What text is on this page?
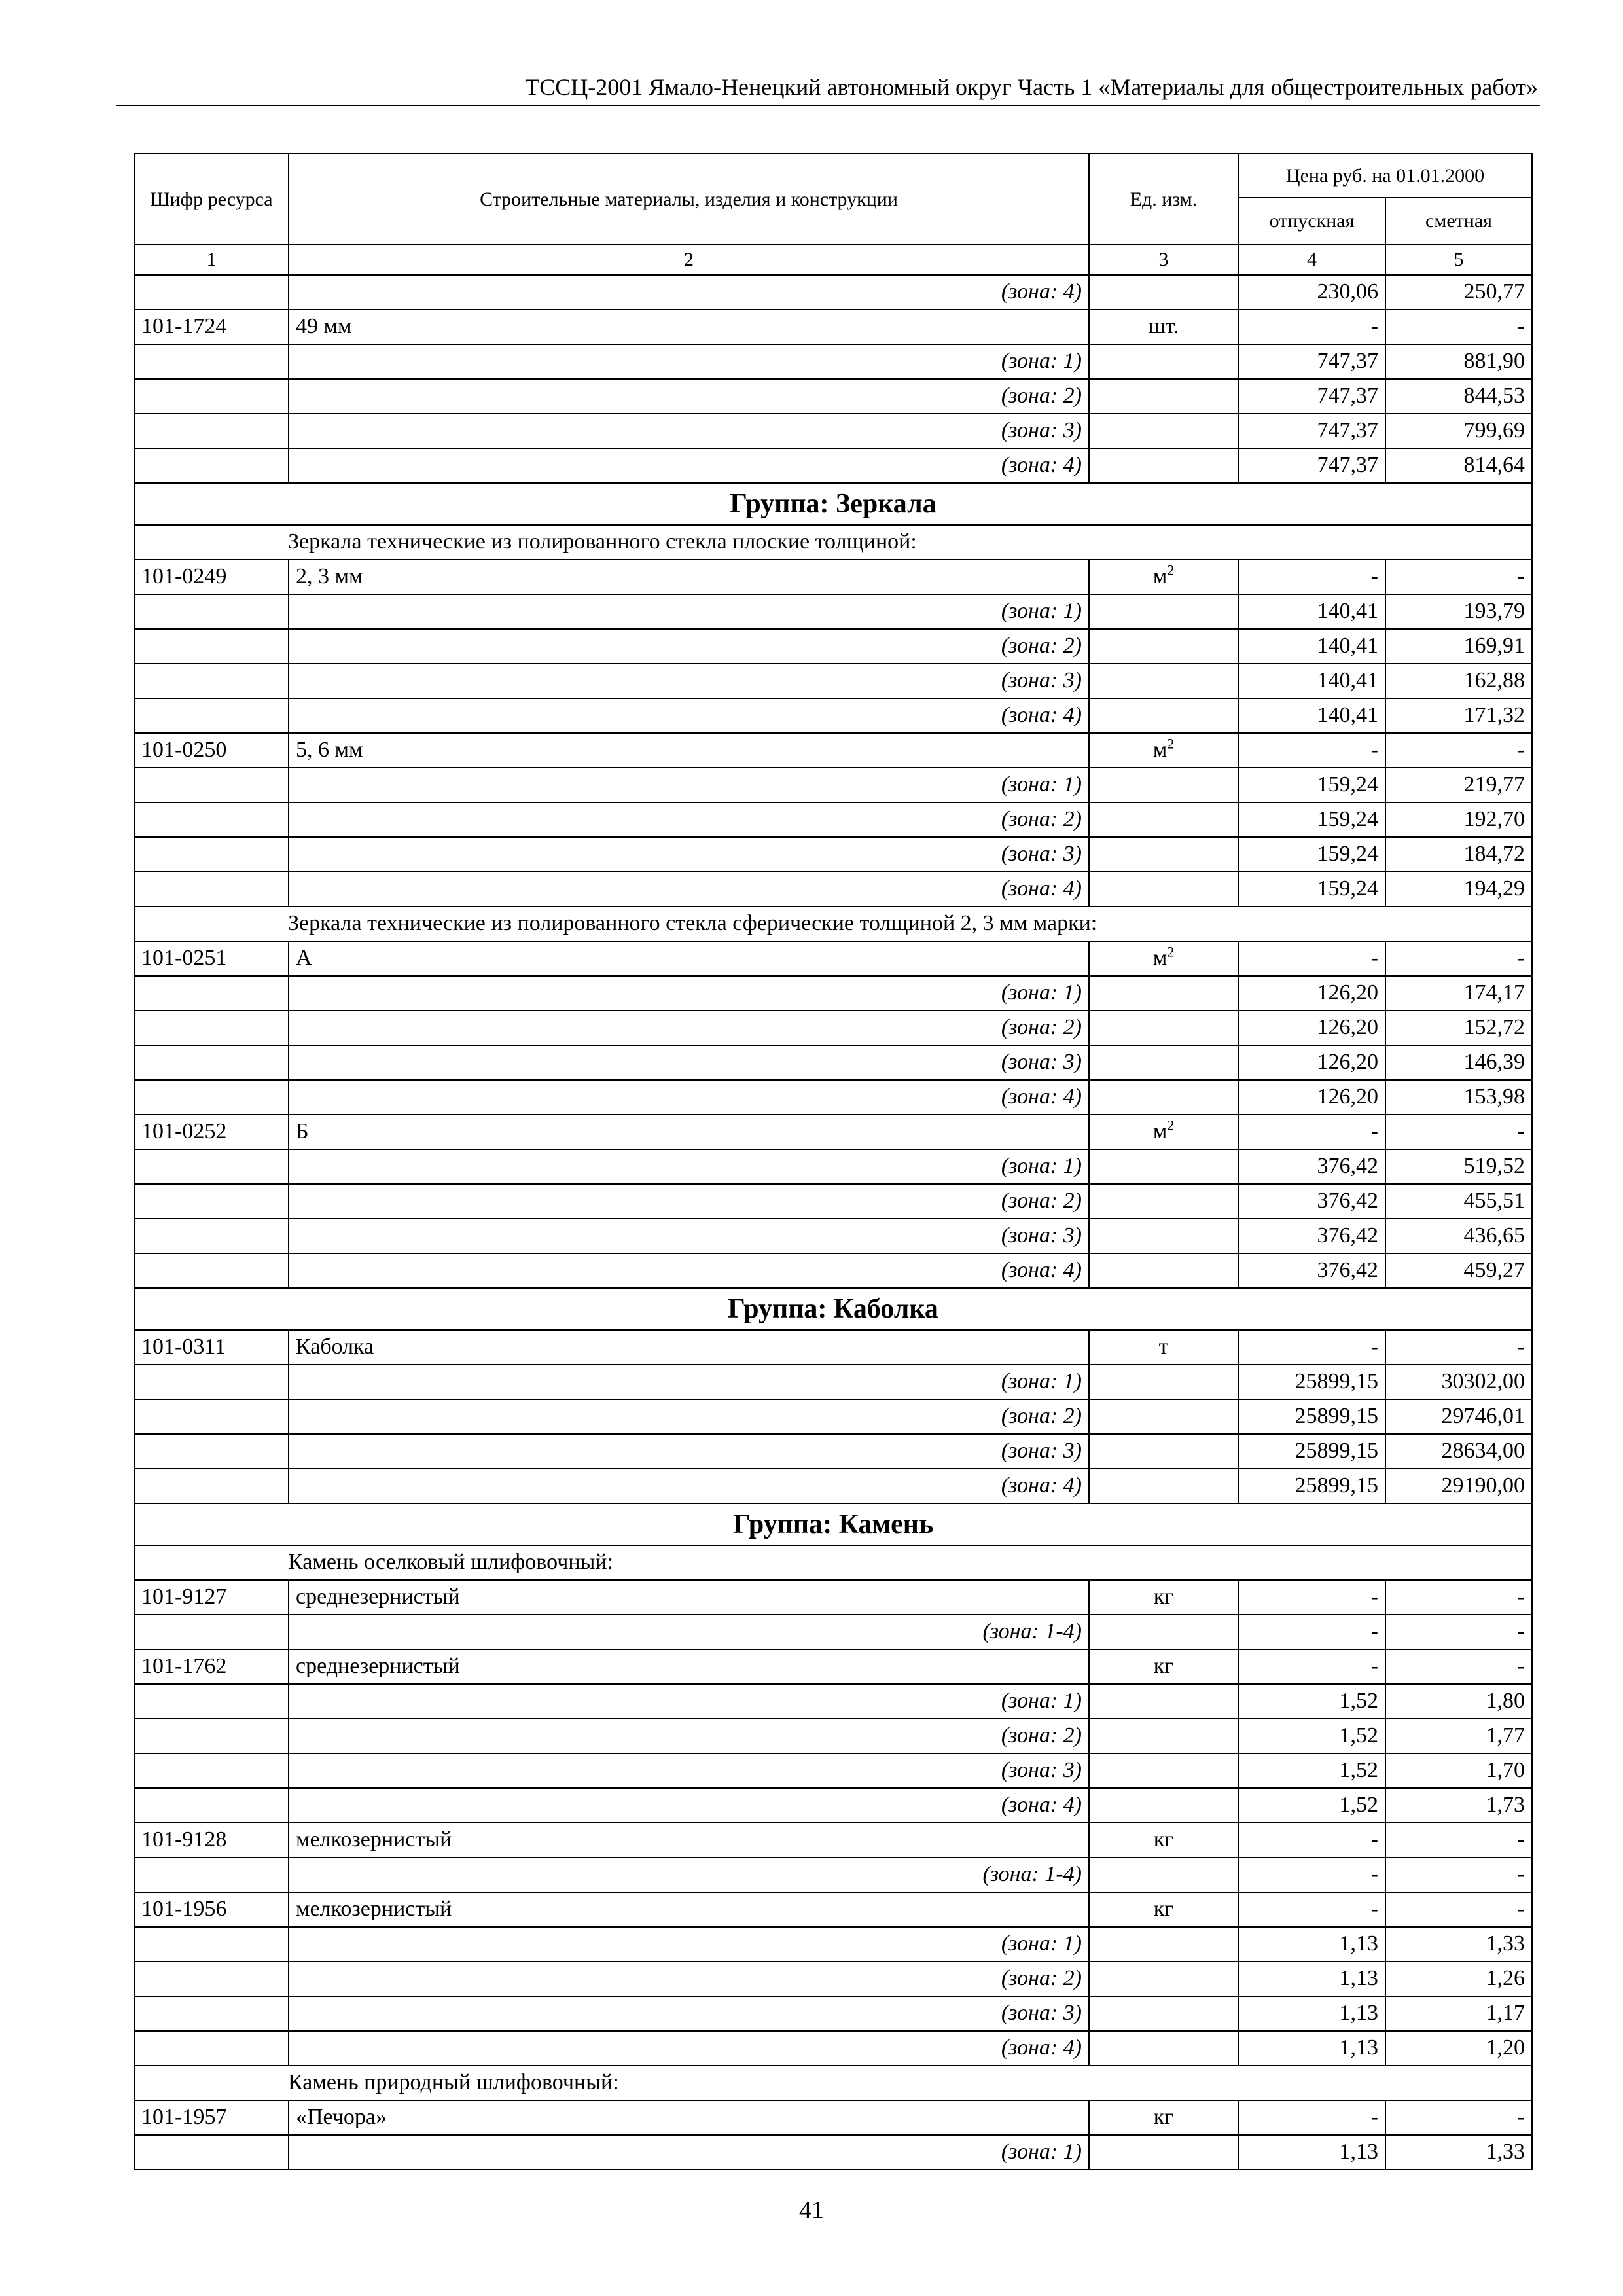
ТССЦ-2001 Ямало-Ненецкий автономный округ Часть 1 «Материалы для общестроительных работ»
Шифр ресурса	Строительные материалы, изделия и конструкции	Ед. изм.	Цена руб. на 01.01.2000	
			отпускная	сметная
1	2	3	4	5
	(зона: 4)		230,06	250,77
101-1724	49 мм	шт.	-	-
	(зона: 1)		747,37	881,90
	(зона: 2)		747,37	844,53
	(зона: 3)		747,37	799,69
	(зона: 4)		747,37	814,64
Группа: Зеркала				
Зеркала технические из полированного стекла плоские толщиной:				
101-0249	2, 3 мм	$м^2$	-	-
	(зона: 1)		140,41	193,79
	(зона: 2)		140,41	169,91
	(зона: 3)		140,41	162,88
	(зона: 4)		140,41	171,32
101-0250	5, 6 мм	$м^2$	-	-
	(зона: 1)		159,24	219,77
	(зона: 2)		159,24	192,70
	(зона: 3)		159,24	184,72
	(зона: 4)		159,24	194,29
Зеркала технические из полированного стекла сферические толщиной 2, 3 мм марки:				
101-0251	А	$м^2$	-	-
	(зона: 1)		126,20	174,17
	(зона: 2)		126,20	152,72
	(зона: 3)		126,20	146,39
	(зона: 4)		126,20	153,98
101-0252	Б	$м^2$	-	-
	(зона: 1)		376,42	519,52
	(зона: 2)		376,42	455,51
	(зона: 3)		376,42	436,65
	(зона: 4)		376,42	459,27
Группа: Каболка				
101-0311	Каболка	т	-	-
	(зона: 1)		25899,15	30302,00
	(зона: 2)		25899,15	29746,01
	(зона: 3)		25899,15	28634,00
	(зона: 4)		25899,15	29190,00
Группа: Камень				
Камень оселковый шлифовочный:				
101-9127	среднезернистый	кг	-	-
	(зона: 1-4)		-	-
101-1762	среднезернистый	кг	-	-
	(зона: 1)		1,52	1,80
	(зона: 2)		1,52	1,77
	(зона: 3)		1,52	1,70
	(зона: 4)		1,52	1,73
101-9128	мелкозернистый	кг	-	-
	(зона: 1-4)		-	-
101-1956	мелкозернистый	кг	-	-
	(зона: 1)		1,13	1,33
	(зона: 2)		1,13	1,26
	(зона: 3)		1,13	1,17
	(зона: 4)		1,13	1,20
Камень природный шлифовочный:				
101-1957	«Печора»	кг	-	-
	(зона: 1)		1,13	1,33
41
